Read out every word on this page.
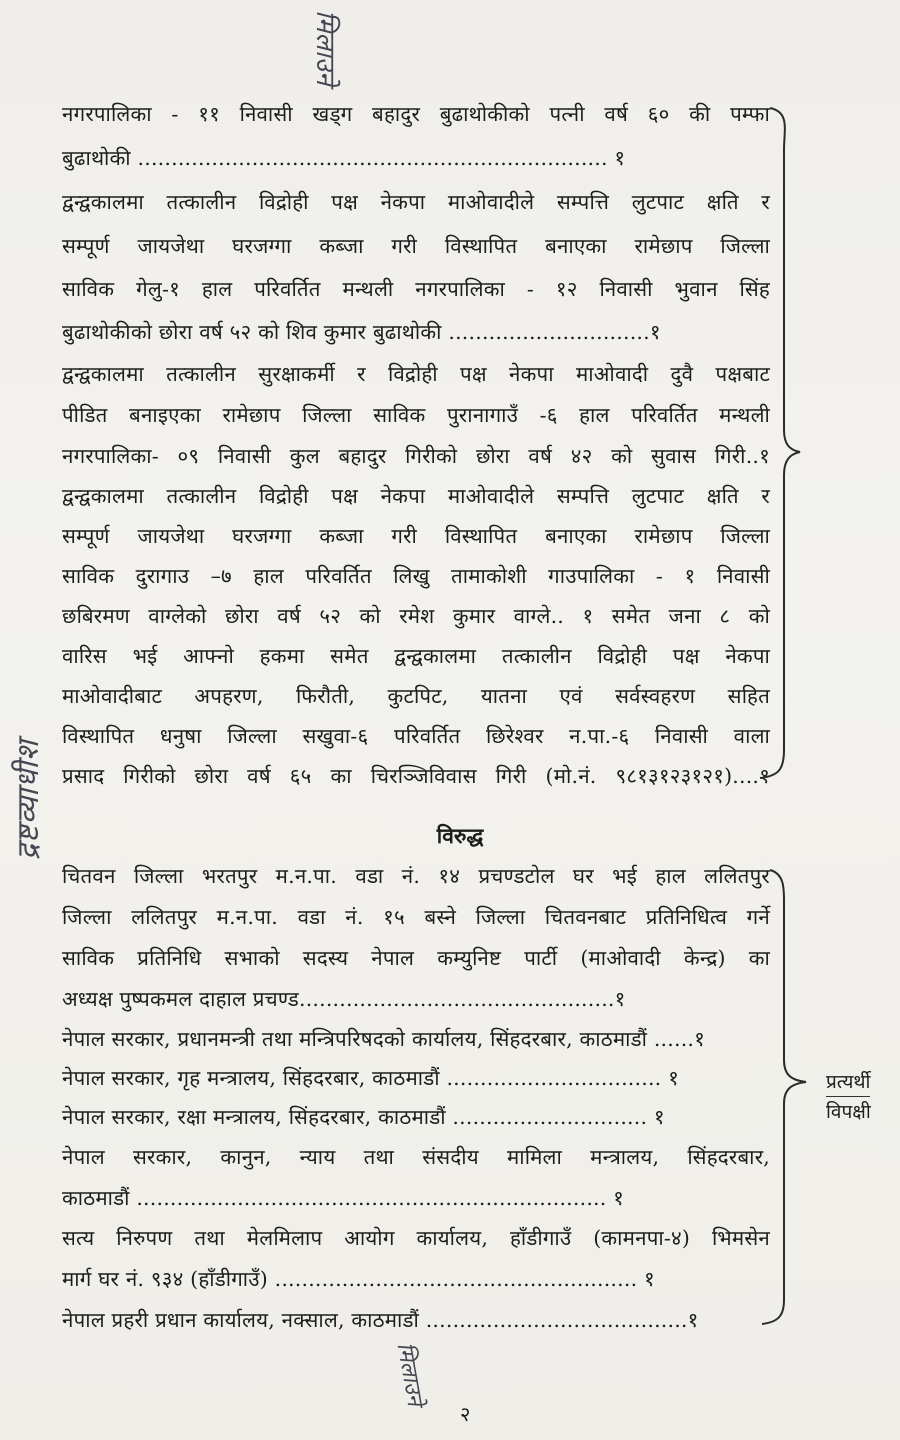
मिलाउने
द्रष्टव्याधीश
मिलाउने
नगरपालिका - ११ निवासी खड्ग बहादुर बुढाथोकीको पत्नी वर्ष ६० की पम्फा
बुढाथोकी ...................................................................... १
द्वन्द्वकालमा तत्कालीन विद्रोही पक्ष नेकपा माओवादीले सम्पत्ति लुटपाट क्षति र
सम्पूर्ण जायजेथा घरजग्गा कब्जा गरी विस्थापित बनाएका रामेछाप जिल्ला
साविक गेलु-१ हाल परिवर्तित मन्थली नगरपालिका - १२ निवासी भुवान सिंह
बुढाथोकीको छोरा वर्ष ५२ को शिव कुमार बुढाथोकी ..............................१
द्वन्द्वकालमा तत्कालीन सुरक्षाकर्मी र विद्रोही पक्ष नेकपा माओवादी दुवै पक्षबाट
पीडित बनाइएका रामेछाप जिल्ला साविक पुरानागाउँ -६ हाल परिवर्तित मन्थली
नगरपालिका- ०९ निवासी कुल बहादुर गिरीको छोरा वर्ष ४२ को सुवास गिरी..१
द्वन्द्वकालमा तत्कालीन विद्रोही पक्ष नेकपा माओवादीले सम्पत्ति लुटपाट क्षति र
सम्पूर्ण जायजेथा घरजग्गा कब्जा गरी विस्थापित बनाएका रामेछाप जिल्ला
साविक दुरागाउ –७ हाल परिवर्तित लिखु तामाकोशी गाउपालिका - १ निवासी
छबिरमण वाग्लेको छोरा वर्ष ५२ को रमेश कुमार वाग्ले.. १ समेत जना ८ को
वारिस भई आफ्नो हकमा समेत द्वन्द्वकालमा तत्कालीन विद्रोही पक्ष नेकपा
माओवादीबाट अपहरण, फिरौती, कुटपिट, यातना एवं सर्वस्वहरण सहित
विस्थापित धनुषा जिल्ला सखुवा-६ परिवर्तित छिरेश्वर न.पा.-६ निवासी वाला
प्रसाद गिरीको छोरा वर्ष ६५ का चिरञ्जिविवास गिरी (मो.नं. ९८१३१२३१२१)....१
विरुद्ध
चितवन जिल्ला भरतपुर म.न.पा. वडा नं. १४ प्रचण्डटोल घर भई हाल ललितपुर
जिल्ला ललितपुर म.न.पा. वडा नं. १५ बस्ने जिल्ला चितवनबाट प्रतिनिधित्व गर्ने
साविक प्रतिनिधि सभाको सदस्य नेपाल कम्युनिष्ट पार्टी (माओवादी केन्द्र) का
अध्यक्ष पुष्पकमल दाहाल प्रचण्ड...............................................१
नेपाल सरकार, प्रधानमन्त्री तथा मन्त्रिपरिषदको कार्यालय, सिंहदरबार, काठमाडौं ......१
नेपाल सरकार, गृह मन्त्रालय, सिंहदरबार, काठमाडौं ................................ १
नेपाल सरकार, रक्षा मन्त्रालय, सिंहदरबार, काठमाडौं ............................. १
नेपाल सरकार, कानुन, न्याय तथा संसदीय मामिला मन्त्रालय, सिंहदरबार,
काठमाडौं ...................................................................... १
सत्य निरुपण तथा मेलमिलाप आयोग कार्यालय, हाँडीगाउँ (कामनपा-४) भिमसेन
मार्ग घर नं. ९३४ (हाँडीगाउँ) ...................................................... १
नेपाल प्रहरी प्रधान कार्यालय, नक्साल, काठमाडौं .......................................१
प्रत्यर्थी
विपक्षी
२
